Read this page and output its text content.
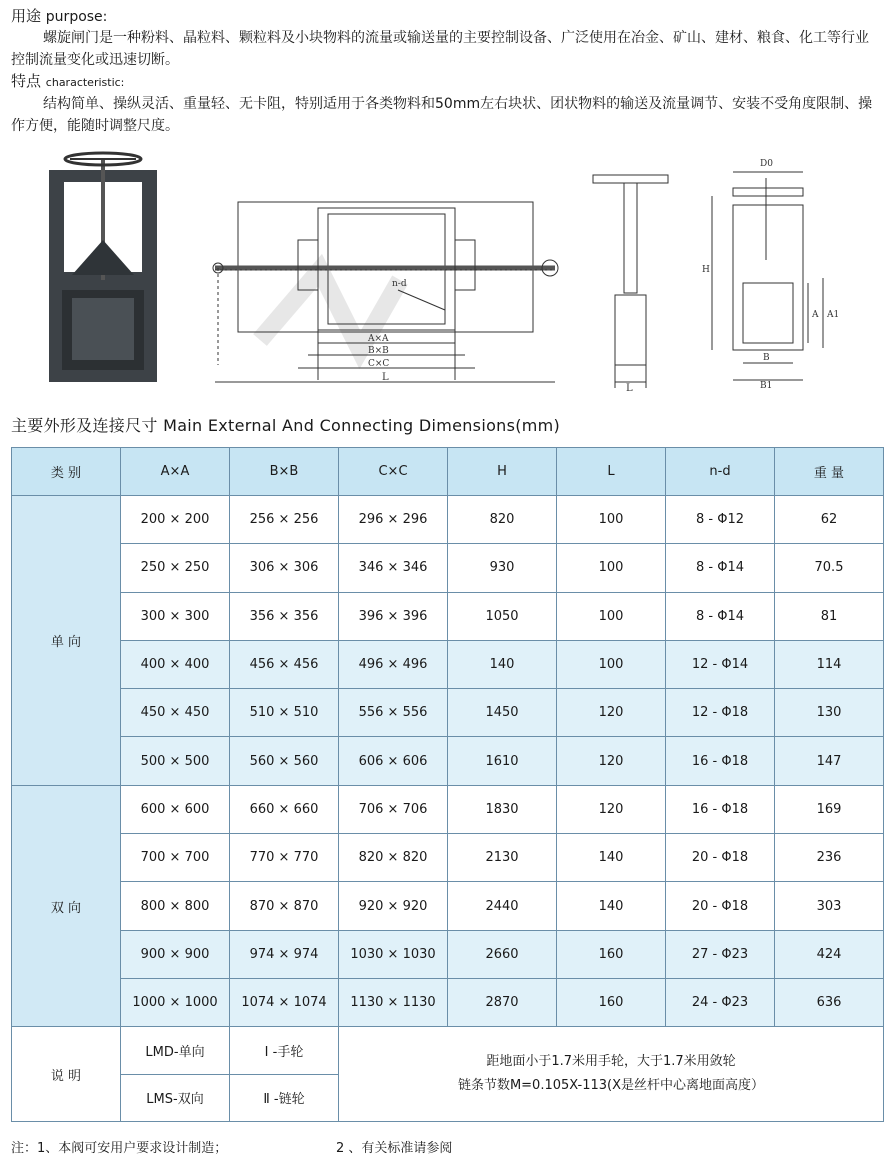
用途 purpose:

螺旋闸门是一种粉料、晶粒料、颗粒料及小块物料的流量或输送量的主要控制设备、广泛使用在冶金、矿山、建材、粮食、化工等行业控制流量变化或迅速切断。

特点 characteristic:

结构简单、操纵灵活、重量轻、无卡阻，特别适用于各类物料和50mm左右块状、团状物料的输送及流量调节、安装不受角度限制、操作方便，能随时调整尺度。

n-d
A×A
B×B
C×C
L
L
D0
H
A A1
B
B1
主要外形及连接尺寸 Main External And Connecting Dimensions(mm)
类 别	A×A	B×B	C×C	H	L	n-d	重 量
单 向	200 × 200	256 × 256	296 × 296	820	100	8 - Φ12	62
	250 × 250	306 × 306	346 × 346	930	100	8 - Φ14	70.5
	300 × 300	356 × 356	396 × 396	1050	100	8 - Φ14	81
	400 × 400	456 × 456	496 × 496	140	100	12 - Φ14	114
	450 × 450	510 × 510	556 × 556	1450	120	12 - Φ18	130
	500 × 500	560 × 560	606 × 606	1610	120	16 - Φ18	147
双 向	600 × 600	660 × 660	706 × 706	1830	120	16 - Φ18	169
	700 × 700	770 × 770	820 × 820	2130	140	20 - Φ18	236
	800 × 800	870 × 870	920 × 920	2440	140	20 - Φ18	303
	900 × 900	974 × 974	1030 × 1030	2660	160	27 - Φ23	424
	1000 × 1000	1074 × 1074	1130 × 1130	2870	160	24 - Φ23	636
说 明	LMD-单向	Ⅰ -手轮	距地面小于1.7米用手轮，大于1.7米用敛轮
链条节数M=0.105X-113(X是丝杆中心离地面高度）				

	LMS-双向	Ⅱ -链轮					
注：1、本阀可安用户要求设计制造；	2 、有关标准请参阅
